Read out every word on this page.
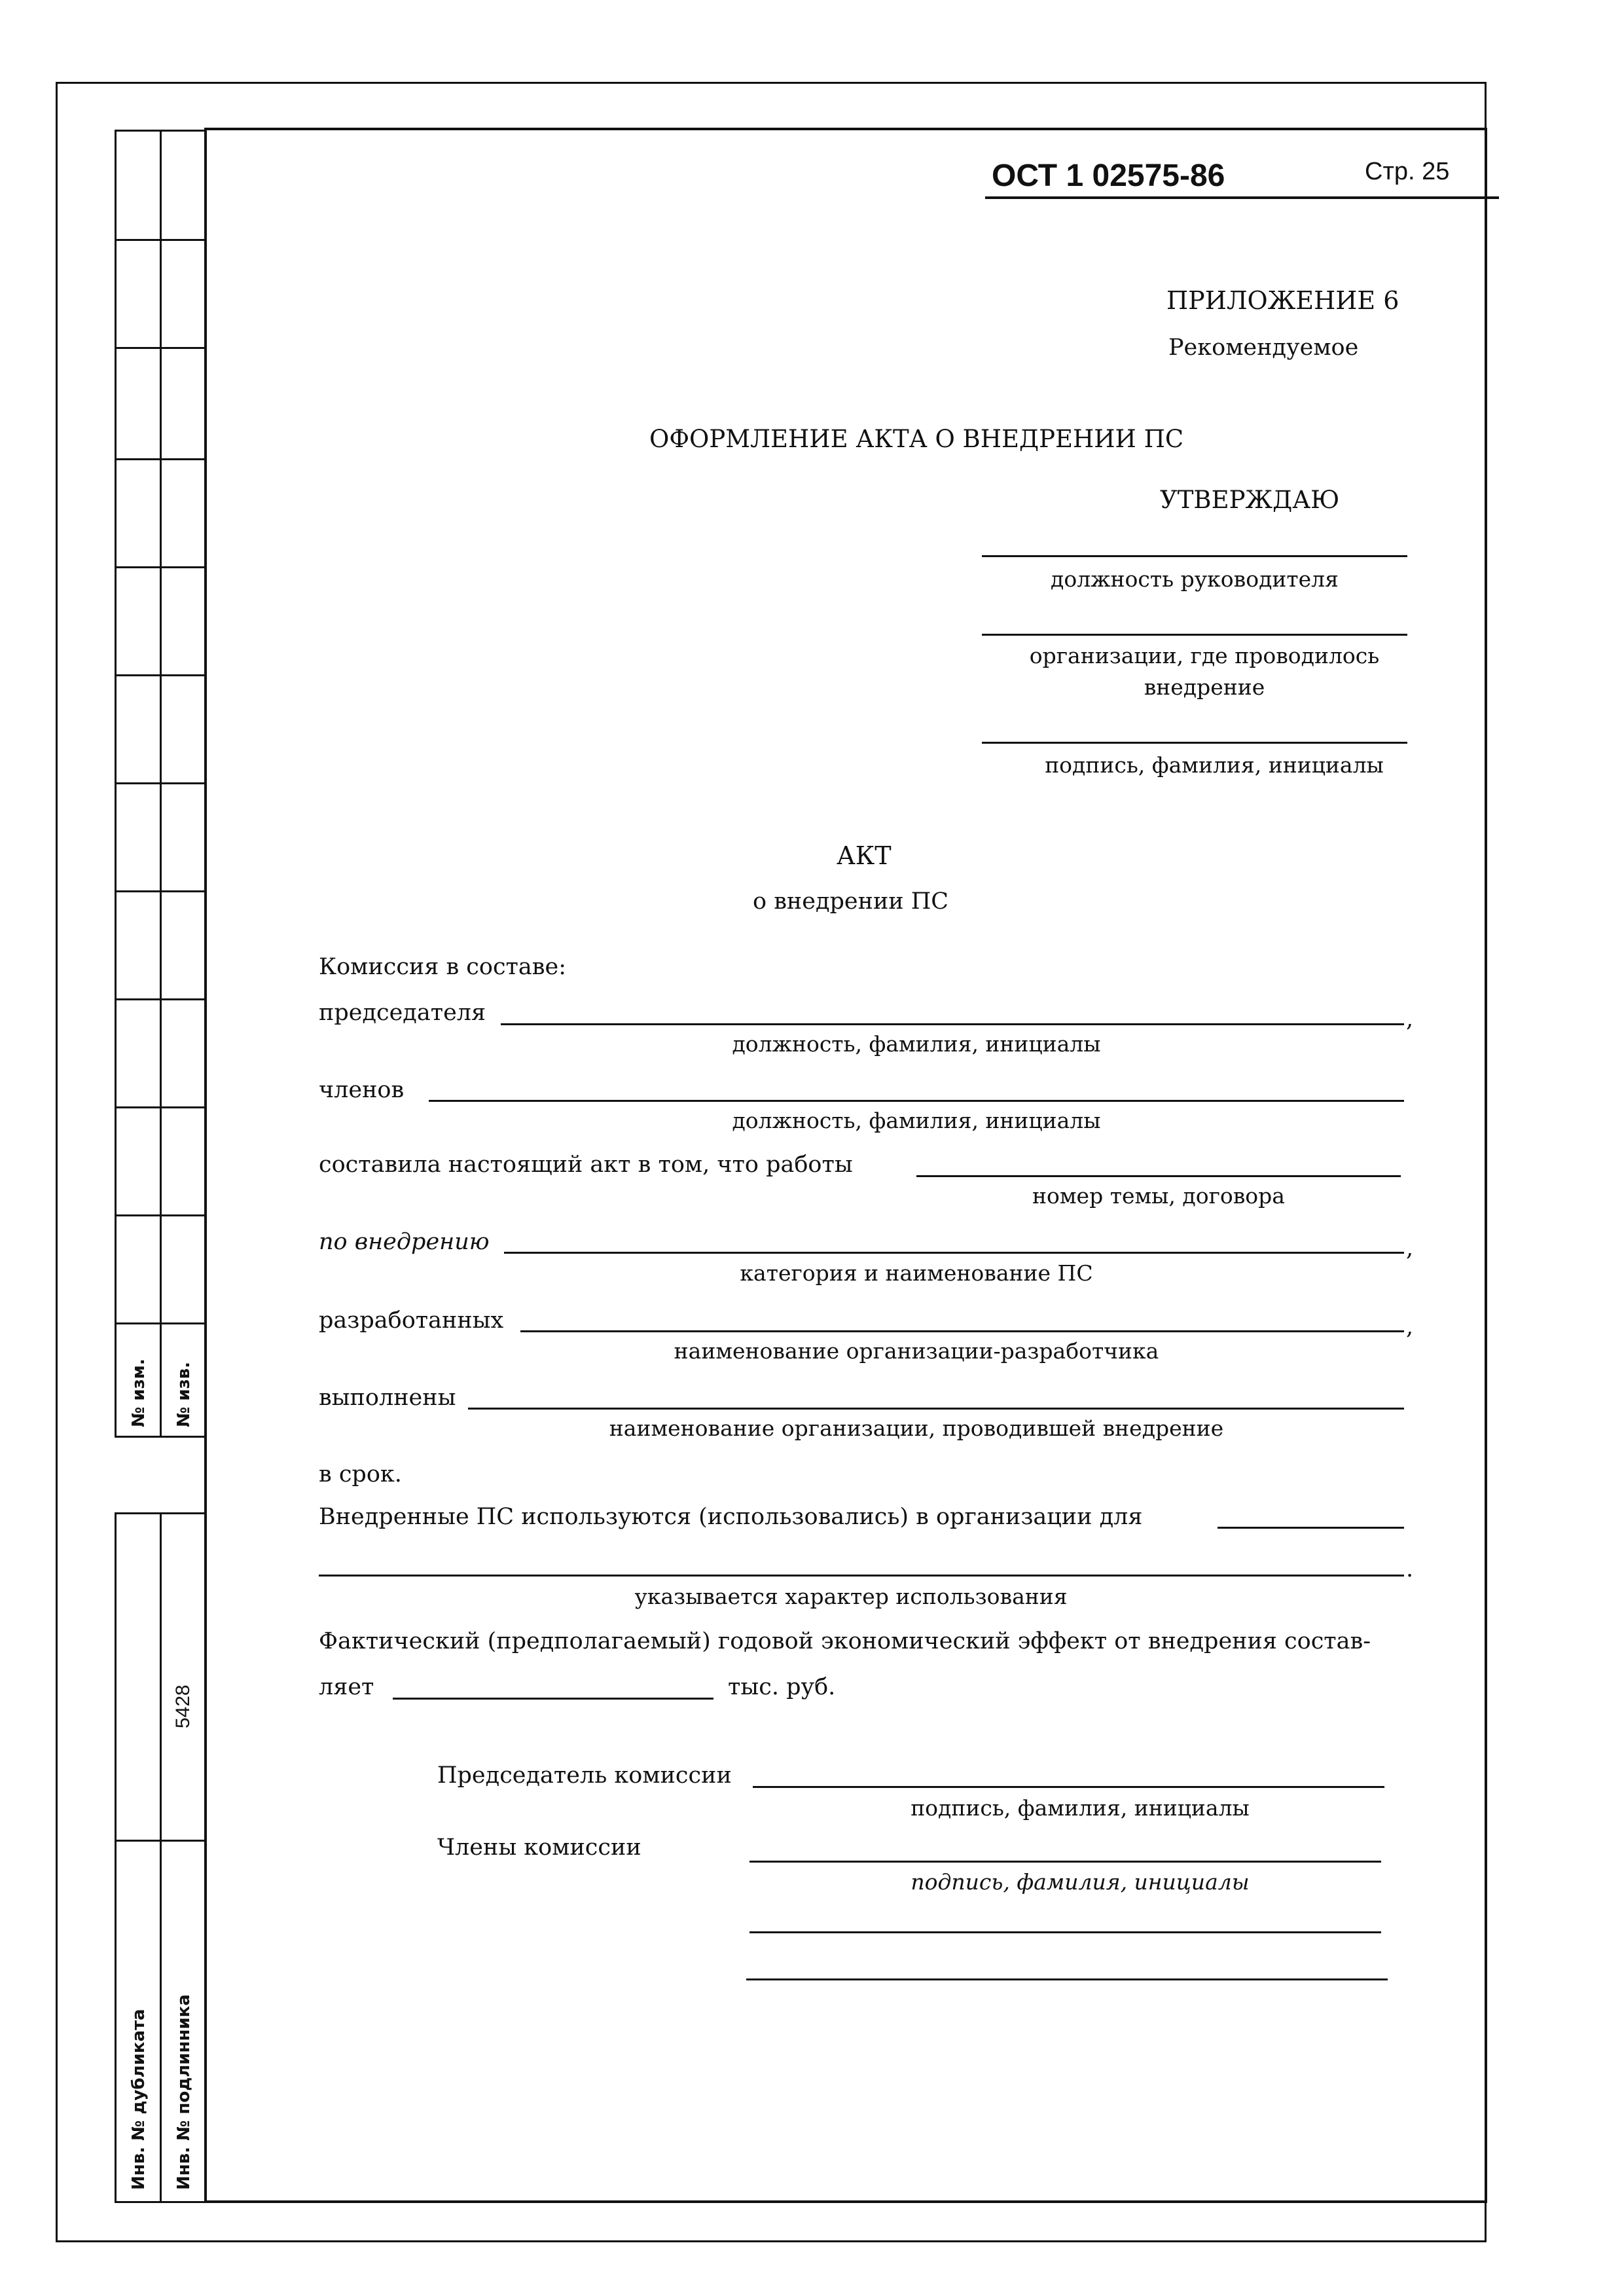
№ изм. № изв.
5428
Инв. № дубликата Инв. № подлинника
ОСТ 1 02575-86	Стр. 25
ПРИЛОЖЕНИЕ 6
Рекомендуемое
ОФОРМЛЕНИЕ АКТА О ВНЕДРЕНИИ ПС
УТВЕРЖДАЮ
должность руководителя
организации, где проводилось
внедрение
подпись, фамилия, инициалы
АКТ
о внедрении ПС
Комиссия в составе:
председателя	,
должность, фамилия, инициалы
членов
должность, фамилия, инициалы
составила настоящий акт в том, что работы
номер темы, договора
по внедрению	,
категория и наименование ПС
разработанных	,
наименование организации-разработчика
выполнены
наименование организации, проводившей внедрение
в срок.
Внедренные ПС используются (использовались) в организации для
.
указывается характер использования
Фактический (предполагаемый) годовой экономический эффект от внедрения состав-
ляет	тыс. руб.
Председатель комиссии
подпись, фамилия, инициалы
Члены комиссии
подпись, фамилия, инициалы
